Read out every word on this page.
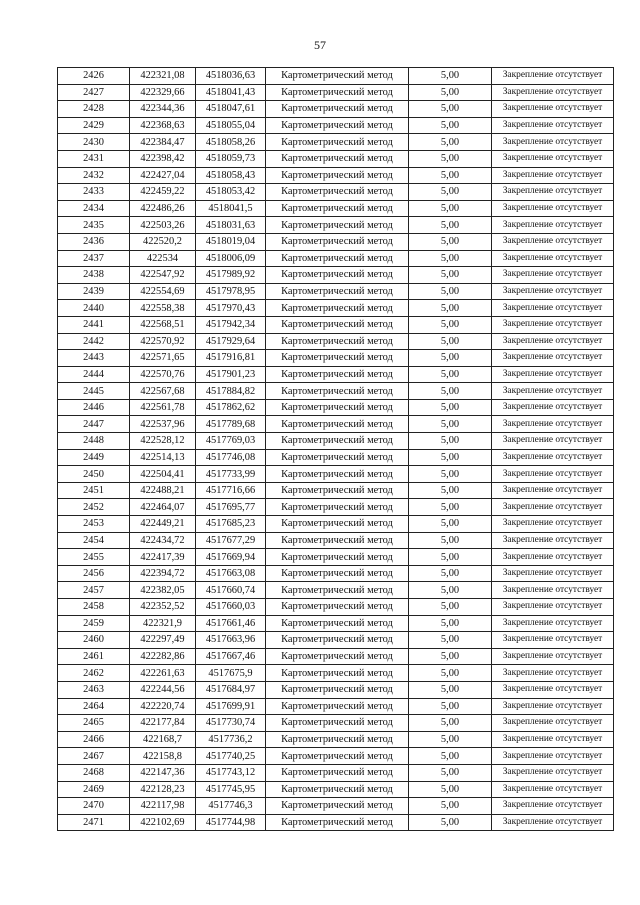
57
2426	422321,08	4518036,63	Картометрический метод	5,00	Закрепление отсутствует
2427	422329,66	4518041,43	Картометрический метод	5,00	Закрепление отсутствует
2428	422344,36	4518047,61	Картометрический метод	5,00	Закрепление отсутствует
2429	422368,63	4518055,04	Картометрический метод	5,00	Закрепление отсутствует
2430	422384,47	4518058,26	Картометрический метод	5,00	Закрепление отсутствует
2431	422398,42	4518059,73	Картометрический метод	5,00	Закрепление отсутствует
2432	422427,04	4518058,43	Картометрический метод	5,00	Закрепление отсутствует
2433	422459,22	4518053,42	Картометрический метод	5,00	Закрепление отсутствует
2434	422486,26	4518041,5	Картометрический метод	5,00	Закрепление отсутствует
2435	422503,26	4518031,63	Картометрический метод	5,00	Закрепление отсутствует
2436	422520,2	4518019,04	Картометрический метод	5,00	Закрепление отсутствует
2437	422534	4518006,09	Картометрический метод	5,00	Закрепление отсутствует
2438	422547,92	4517989,92	Картометрический метод	5,00	Закрепление отсутствует
2439	422554,69	4517978,95	Картометрический метод	5,00	Закрепление отсутствует
2440	422558,38	4517970,43	Картометрический метод	5,00	Закрепление отсутствует
2441	422568,51	4517942,34	Картометрический метод	5,00	Закрепление отсутствует
2442	422570,92	4517929,64	Картометрический метод	5,00	Закрепление отсутствует
2443	422571,65	4517916,81	Картометрический метод	5,00	Закрепление отсутствует
2444	422570,76	4517901,23	Картометрический метод	5,00	Закрепление отсутствует
2445	422567,68	4517884,82	Картометрический метод	5,00	Закрепление отсутствует
2446	422561,78	4517862,62	Картометрический метод	5,00	Закрепление отсутствует
2447	422537,96	4517789,68	Картометрический метод	5,00	Закрепление отсутствует
2448	422528,12	4517769,03	Картометрический метод	5,00	Закрепление отсутствует
2449	422514,13	4517746,08	Картометрический метод	5,00	Закрепление отсутствует
2450	422504,41	4517733,99	Картометрический метод	5,00	Закрепление отсутствует
2451	422488,21	4517716,66	Картометрический метод	5,00	Закрепление отсутствует
2452	422464,07	4517695,77	Картометрический метод	5,00	Закрепление отсутствует
2453	422449,21	4517685,23	Картометрический метод	5,00	Закрепление отсутствует
2454	422434,72	4517677,29	Картометрический метод	5,00	Закрепление отсутствует
2455	422417,39	4517669,94	Картометрический метод	5,00	Закрепление отсутствует
2456	422394,72	4517663,08	Картометрический метод	5,00	Закрепление отсутствует
2457	422382,05	4517660,74	Картометрический метод	5,00	Закрепление отсутствует
2458	422352,52	4517660,03	Картометрический метод	5,00	Закрепление отсутствует
2459	422321,9	4517661,46	Картометрический метод	5,00	Закрепление отсутствует
2460	422297,49	4517663,96	Картометрический метод	5,00	Закрепление отсутствует
2461	422282,86	4517667,46	Картометрический метод	5,00	Закрепление отсутствует
2462	422261,63	4517675,9	Картометрический метод	5,00	Закрепление отсутствует
2463	422244,56	4517684,97	Картометрический метод	5,00	Закрепление отсутствует
2464	422220,74	4517699,91	Картометрический метод	5,00	Закрепление отсутствует
2465	422177,84	4517730,74	Картометрический метод	5,00	Закрепление отсутствует
2466	422168,7	4517736,2	Картометрический метод	5,00	Закрепление отсутствует
2467	422158,8	4517740,25	Картометрический метод	5,00	Закрепление отсутствует
2468	422147,36	4517743,12	Картометрический метод	5,00	Закрепление отсутствует
2469	422128,23	4517745,95	Картометрический метод	5,00	Закрепление отсутствует
2470	422117,98	4517746,3	Картометрический метод	5,00	Закрепление отсутствует
2471	422102,69	4517744,98	Картометрический метод	5,00	Закрепление отсутствует
